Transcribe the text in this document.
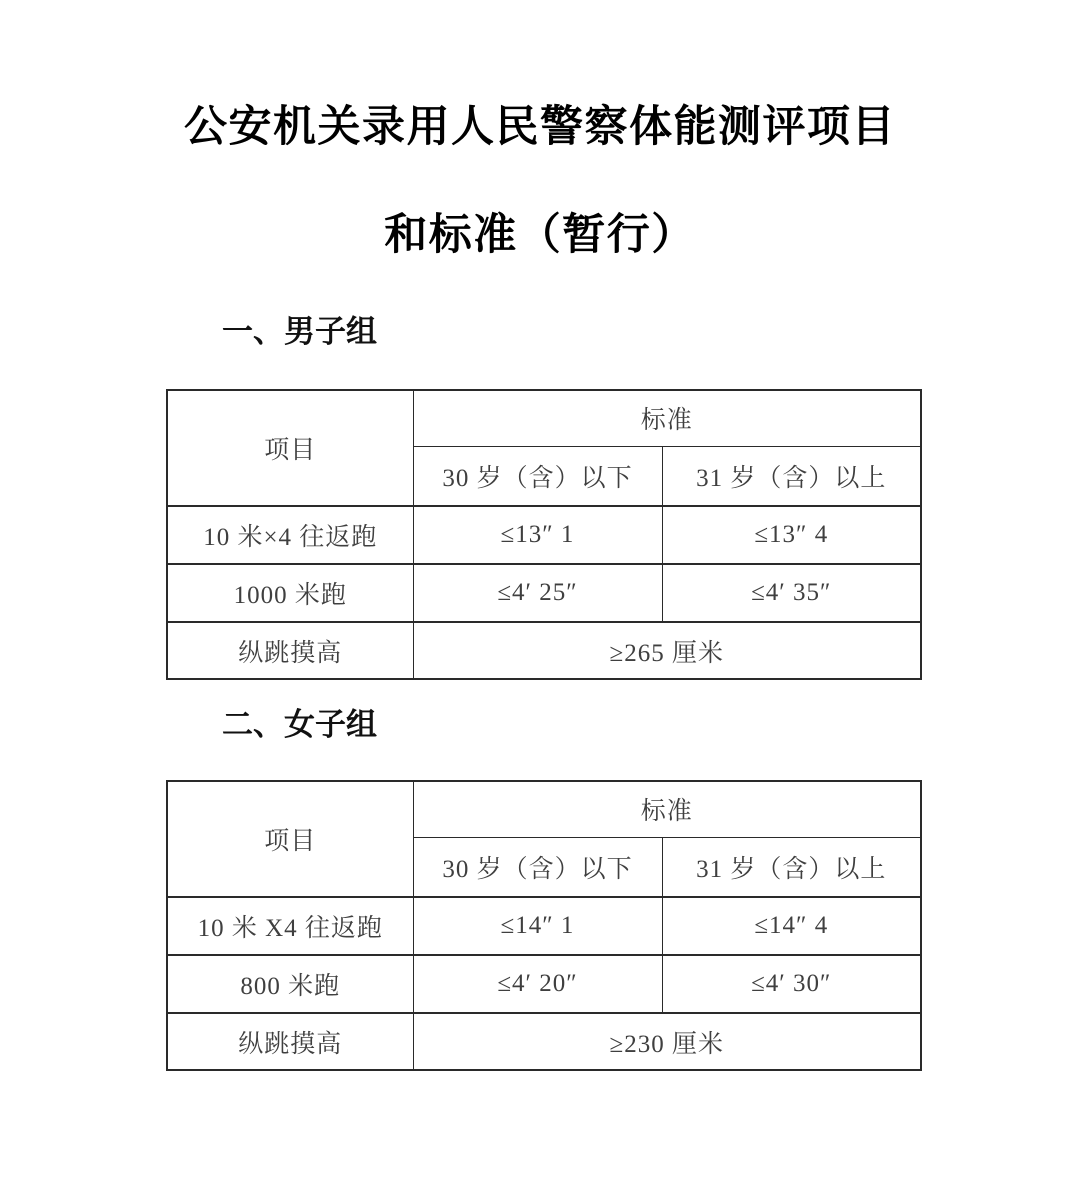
公安机关录用人民警察体能测评项目
和标准（暂行）
一、男子组
项目	标准	
	30 岁（含）以下	31 岁（含）以上
10 米×4 往返跑	≤13″ 1	≤13″ 4
1000 米跑	≤4′ 25″	≤4′ 35″
纵跳摸高	≥265 厘米	
二、女子组
项目	标准	
	30 岁（含）以下	31 岁（含）以上
10 米 X4 往返跑	≤14″ 1	≤14″ 4
800 米跑	≤4′ 20″	≤4′ 30″
纵跳摸高	≥230 厘米	
